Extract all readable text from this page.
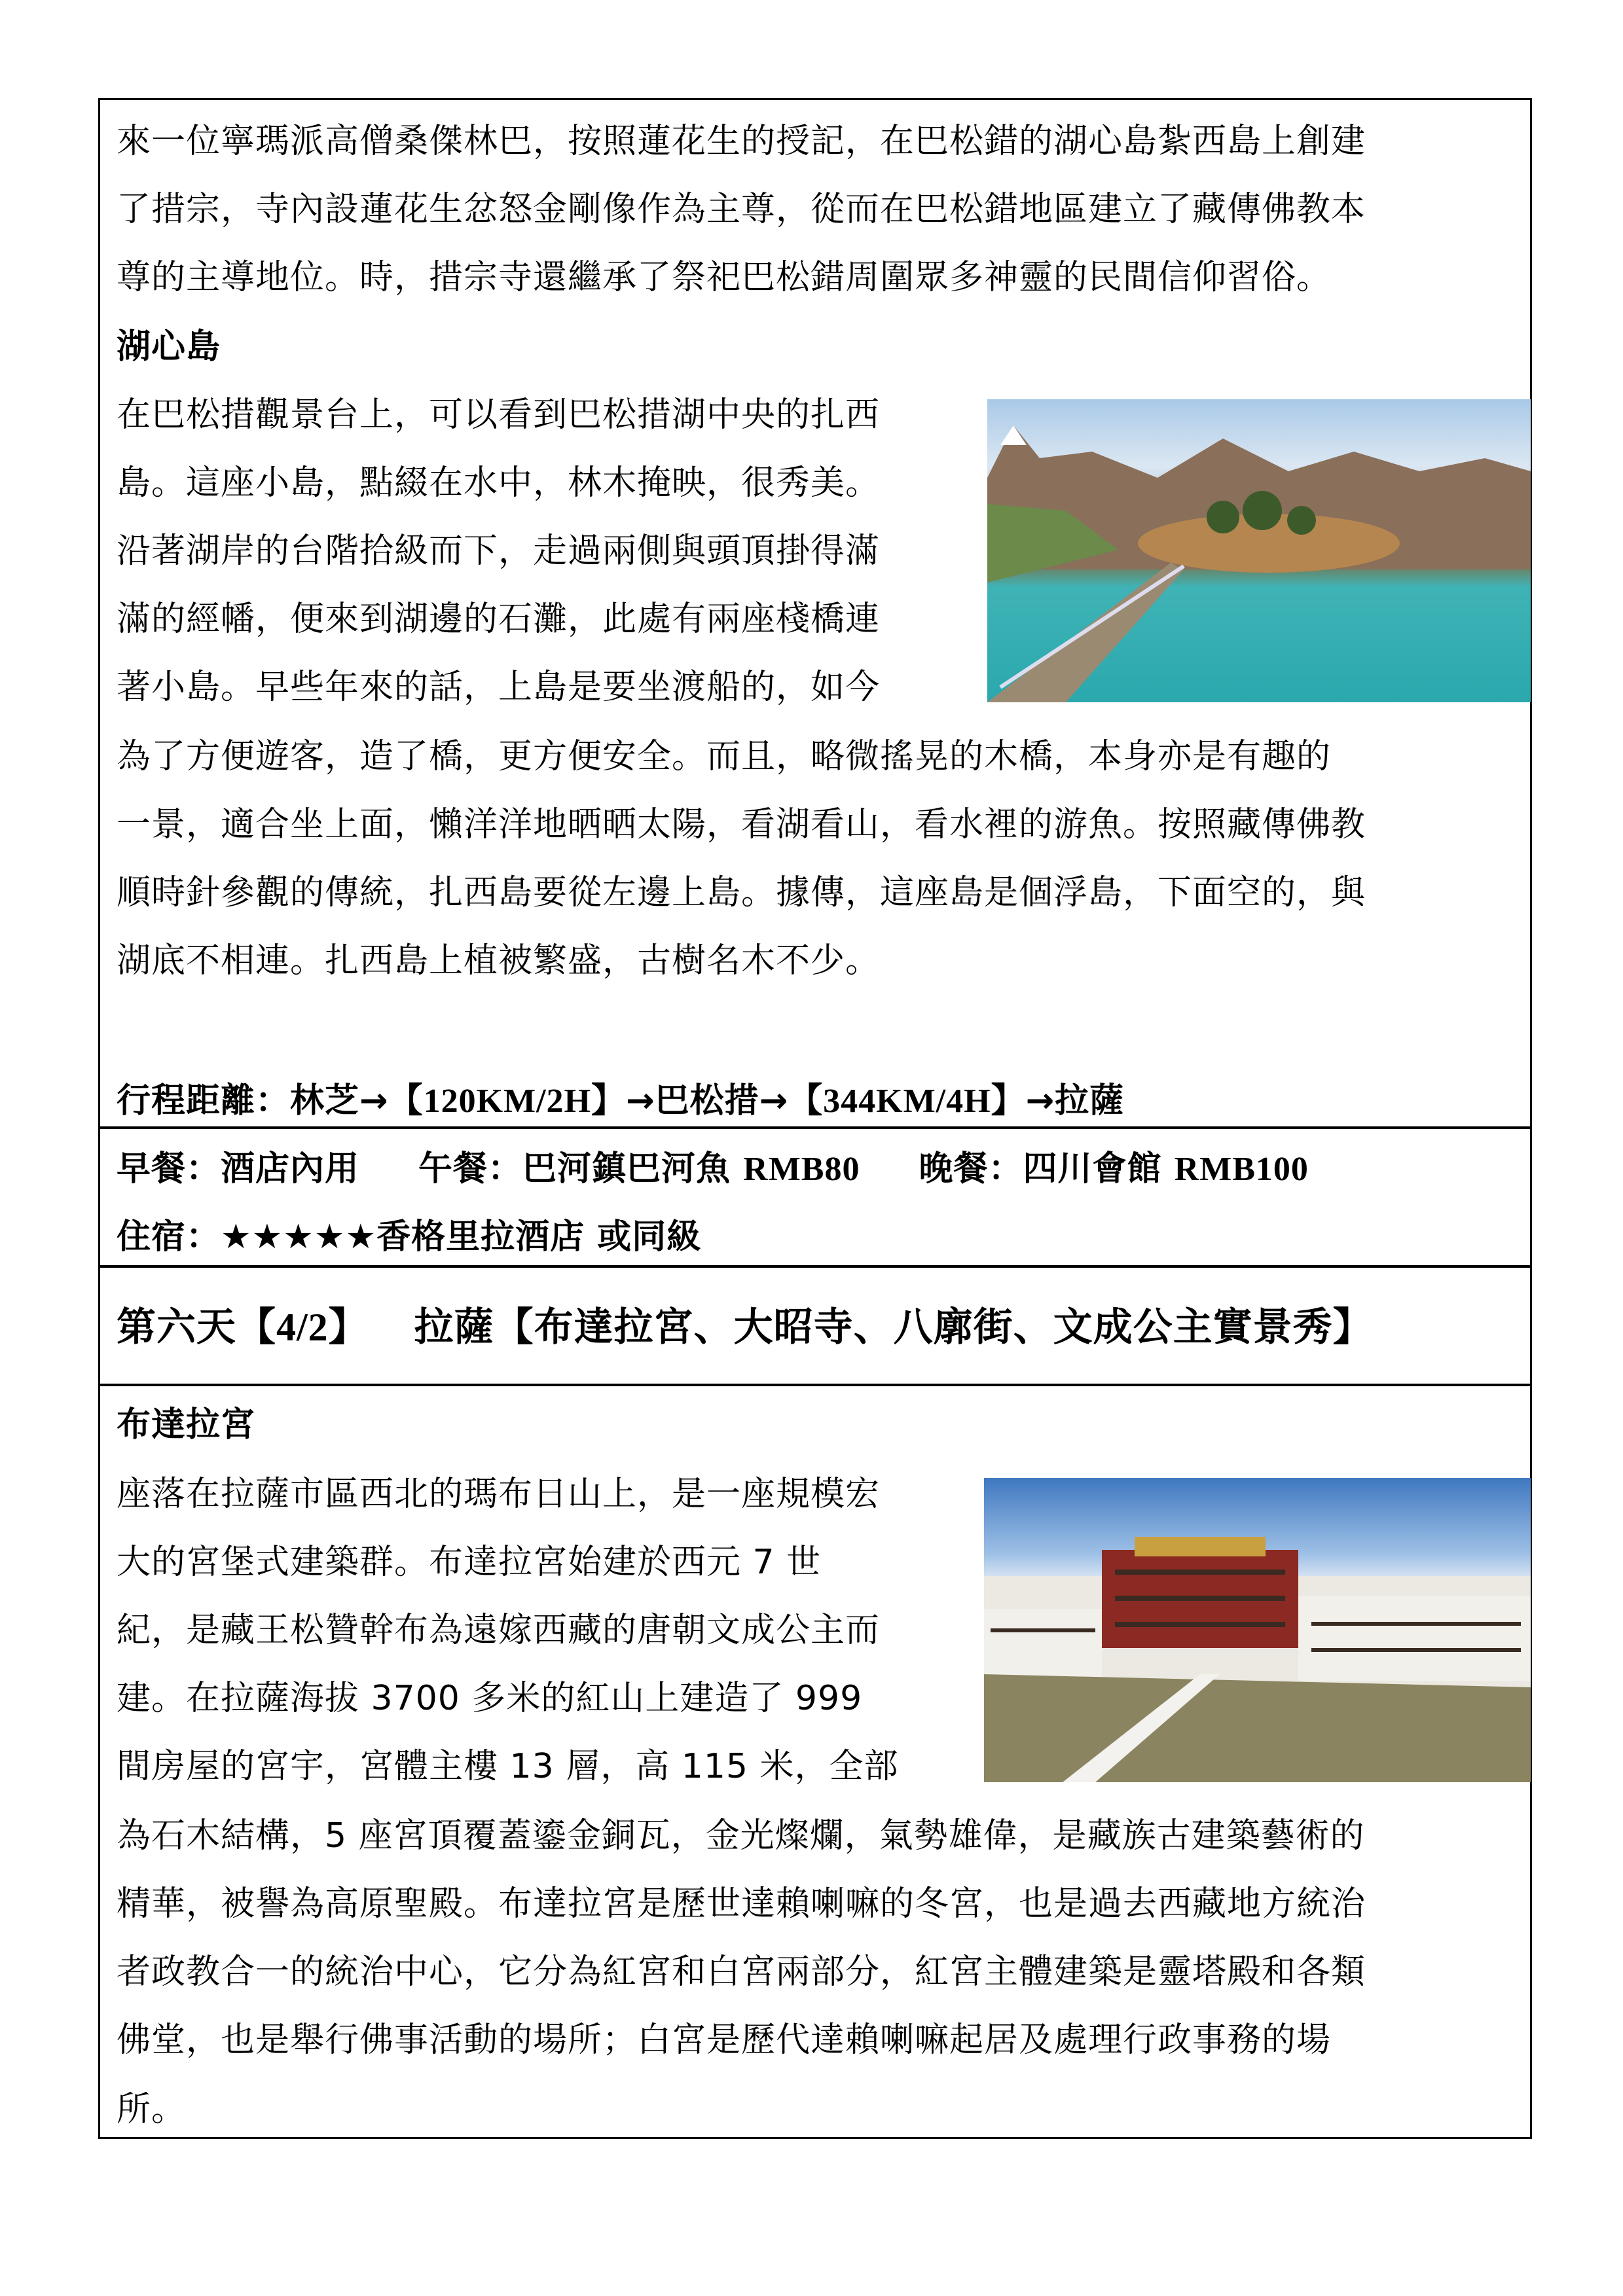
來一位寧瑪派高僧桑傑林巴，按照蓮花生的授記，在巴松錯的湖心島紮西島上創建
了措宗，寺內設蓮花生忿怒金剛像作為主尊，從而在巴松錯地區建立了藏傳佛教本
尊的主導地位。時，措宗寺還繼承了祭祀巴松錯周圍眾多神靈的民間信仰習俗。
湖心島
在巴松措觀景台上，可以看到巴松措湖中央的扎西
島。這座小島，點綴在水中，林木掩映，很秀美。
沿著湖岸的台階拾級而下，走過兩側與頭頂掛得滿
滿的經幡，便來到湖邊的石灘，此處有兩座棧橋連
著小島。早些年來的話，上島是要坐渡船的，如今
為了方便遊客，造了橋，更方便安全。而且，略微搖晃的木橋，本身亦是有趣的
一景，適合坐上面，懶洋洋地晒晒太陽，看湖看山，看水裡的游魚。按照藏傳佛教
順時針參觀的傳統，扎西島要從左邊上島。據傳，這座島是個浮島，下面空的，與
湖底不相連。扎西島上植被繁盛，古樹名木不少。
行程距離：林芝→【120KM/2H】→巴松措→【344KM/4H】→拉薩
早餐：酒店內用 午餐：巴河鎮巴河魚 RMB80 晚餐：四川會館 RMB100
住宿：★★★★★香格里拉酒店 或同級
第六天【4/2】 拉薩【布達拉宮、大昭寺、八廓街、文成公主實景秀】
布達拉宮
座落在拉薩市區西北的瑪布日山上，是一座規模宏
大的宮堡式建築群。布達拉宮始建於西元 7 世
紀，是藏王松贊幹布為遠嫁西藏的唐朝文成公主而
建。在拉薩海拔 3700 多米的紅山上建造了 999
間房屋的宮宇，宮體主樓 13 層，高 115 米，全部
為石木結構，5 座宮頂覆蓋鎏金銅瓦，金光燦爛，氣勢雄偉，是藏族古建築藝術的
精華，被譽為高原聖殿。布達拉宮是歷世達賴喇嘛的冬宮，也是過去西藏地方統治
者政教合一的統治中心，它分為紅宮和白宮兩部分，紅宮主體建築是靈塔殿和各類
佛堂，也是舉行佛事活動的場所；白宮是歷代達賴喇嘛起居及處理行政事務的場
所。
